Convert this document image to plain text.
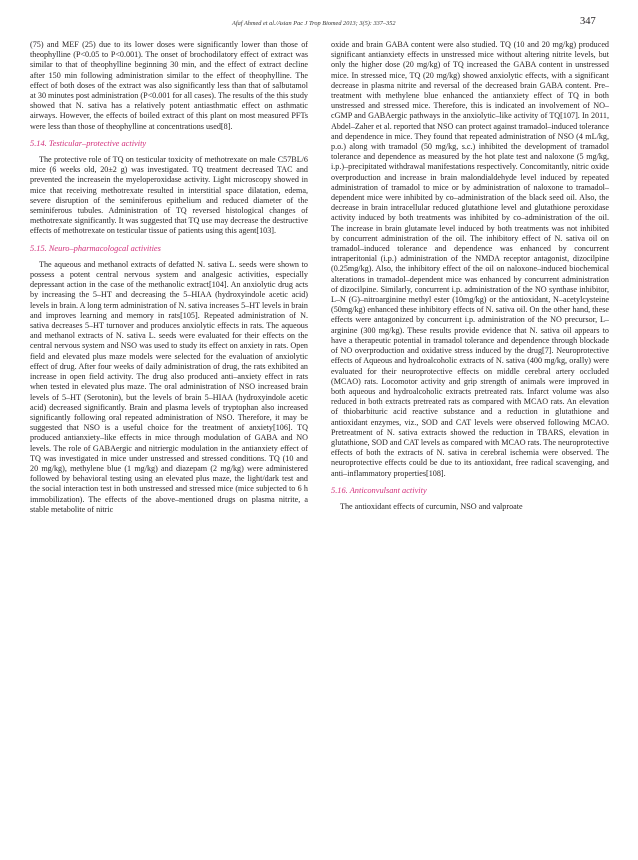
Afaf Ahmed et al./Asian Pac J Trop Biomed 2013; 3(5): 337–352	347

(75) and MEF (25) due to its lower doses were significantly lower than those of theophylline (P<0.05 to P<0.001). The onset of brochodilatory effect of extract was similar to that of theophylline beginning 30 min, and the effect of extract decline after 150 min following administration similar to the effect of theophylline. The effect of both doses of the extract was also significantly less than that of salbutamol at 30 minutes post administration (P<0.001 for all cases). The results of the this study showed that N. sativa has a relatively potent antiasthmatic effect on asthmatic airways. However, the effects of boiled extract of this plant on most measured PFTs were less than those of theophylline at concentrations used[8].

5.14. Testicular–protective activity

The protective role of TQ on testicular toxicity of methotrexate on male C57BL/6 mice (6 weeks old, 20±2 g) was investigated. TQ treatment decreased TAC and prevented the increasein the myeloperoxidase activity. Light microscopy showed in mice that receiving methotrexate resulted in interstitial space dilatation, edema, severe disruption of the seminiferous epithelium and reduced diameter of the seminiferous tubules. Administration of TQ reversed histological changes of methotrexate significantly. It was suggested that TQ use may decrease the destructive effects of methotrexate on testicular tissue of patients using this agent[103].

5.15. Neuro–pharmacologcal activities

The aqueous and methanol extracts of defatted N. sativa L. seeds were shown to possess a potent central nervous system and analgesic activities, especially depressant action in the case of the methanolic extract[104]. An anxiolytic drug acts by increasing the 5–HT and decreasing the 5–HIAA (hydroxyindole acetic acid) levels in brain. A long term administration of N. sativa increases 5–HT levels in brain and improves learning and memory in rats[105]. Repeated administration of N. sativa decreases 5–HT turnover and produces anxiolytic effects in rats. The aqueous and methanol extracts of N. sativa L. seeds were evaluated for their effects on the central nervous system and NSO was used to study its effect on anxiety in rats. Open field and elevated plus maze models were selected for the evaluation of anxiolytic effect of drug. After four weeks of daily administration of drug, the rats exhibited an increase in open field activity. The drug also produced anti–anxiety effect in rats when tested in elevated plus maze. The oral administration of NSO increased brain levels of 5–HT (Serotonin), but the levels of brain 5–HIAA (hydroxyindole acetic acid) decreased significantly. Brain and plasma levels of tryptophan also increased significantly following oral repeated administration of NSO. Therefore, it may be suggested that NSO is a useful choice for the treatment of anxiety[106]. TQ produced antianxiety–like effects in mice through modulation of GABA and NO levels. The role of GABAergic and nitriergic modulation in the antianxiety effect of TQ was investigated in mice under unstressed and stressed conditions. TQ (10 and 20 mg/kg), methylene blue (1 mg/kg) and diazepam (2 mg/kg) were administered followed by behavioral testing using an elevated plus maze, the light/dark test and the social interaction test in both unstressed and stressed mice (mice subjected to 6 h immobilization). The effects of the above–mentioned drugs on plasma nitrite, a stable metabolite of nitric

oxide and brain GABA content were also studied. TQ (10 and 20 mg/kg) produced significant antianxiety effects in unstressed mice without altering nitrite levels, but only the higher dose (20 mg/kg) of TQ increased the GABA content in unstressed mice. In stressed mice, TQ (20 mg/kg) showed anxiolytic effects, with a significant decrease in plasma nitrite and reversal of the decreased brain GABA content. Pre–treatment with methylene blue enhanced the antianxiety effect of TQ in both unstressed and stressed mice. Therefore, this is indicated an involvement of NO–cGMP and GABAergic pathways in the anxiolytic–like activity of TQ[107]. In 2011, Abdel–Zaher et al. reported that NSO can protect against tramadol–induced tolerance and dependence in mice. They found that repeated administration of NSO (4 mL/kg, p.o.) along with tramadol (50 mg/kg, s.c.) inhibited the development of tramadol tolerance and dependence as measured by the hot plate test and naloxone (5 mg/kg, i.p.)–precipitated withdrawal manifestations respectively. Concomitantly, nitric oxide overproduction and increase in brain malondialdehyde level induced by repeated administration of tramadol to mice or by administration of naloxone to tramadol–dependent mice were inhibited by co–administration of the black seed oil. Also, the decrease in brain intracellular reduced glutathione level and glutathione peroxidase activity induced by both treatments was inhibited by co–administration of the oil. The increase in brain glutamate level induced by both treatments was not inhibited by concurrent administration of the oil. The inhibitory effect of N. sativa oil on tramadol–induced tolerance and dependence was enhanced by concurrent intraperitonial (i.p.) administration of the NMDA receptor antagonist, dizocilpine (0.25mg/kg). Also, the inhibitory effect of the oil on naloxone–induced biochemical alterations in tramadol–dependent mice was enhanced by concurrent administration of dizocilpine. Similarly, concurrent i.p. administration of the NO synthase inhibitor, L–N (G)–nitroarginine methyl ester (10mg/kg) or the antioxidant, N–acetylcysteine (50mg/kg) enhanced these inhibitory effects of N. sativa oil. On the other hand, these effects were antagonized by concurrent i.p. administration of the NO precursor, L–arginine (300 mg/kg). These results provide evidence that N. sativa oil appears to have a therapeutic potential in tramadol tolerance and dependence through blockade of NO overproduction and oxidative stress induced by the drug[7]. Neuroprotective effects of Aqueous and hydroalcoholic extracts of N. sativa (400 mg/kg, orally) were evaluated for their neuroprotective effects on middle cerebral artery occluded (MCAO) rats. Locomotor activity and grip strength of animals were improved in both aqueous and hydroalcoholic extracts pretreated rats. Infarct volume was also reduced in both extracts pretreated rats as compared with MCAO rats. An elevation of thiobarbituric acid reactive substance and a reduction in glutathione and antioxidant enzymes, viz., SOD and CAT levels were observed following MCAO. Pretreatment of N. sativa extracts showed the reduction in TBARS, elevation in glutathione, SOD and CAT levels as compared with MCAO rats. The neuroprotective effects of both the extracts of N. sativa in cerebral ischemia were observed. The neuroprotective effects could be due to its antioxidant, free radical scavenging, and anti–inflammatory properties[108].

5.16. Anticonvulsant activity

The antioxidant effects of curcumin, NSO and valproate
